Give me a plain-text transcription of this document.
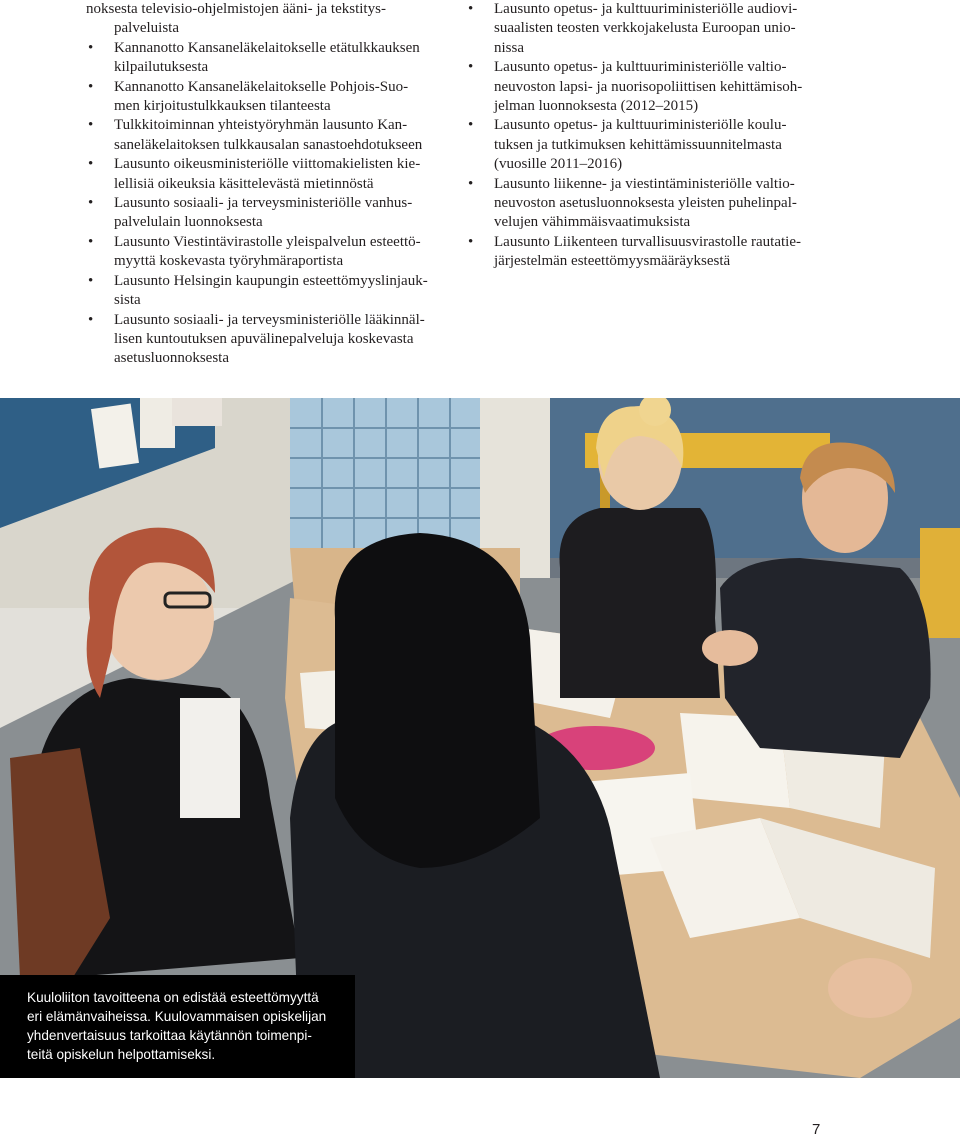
noksesta televisio-ohjelmistojen ääni- ja tekstitys-

palveluista

• Kannanotto Kansaneläkelaitokselle etätulkkauksen

kilpailutuksesta

• Kannanotto Kansaneläkelaitokselle Pohjois-Suo-

men kirjoitustulkkauksen tilanteesta

• Tulkkitoiminnan yhteistyöryhmän lausunto Kan-

saneläkelaitoksen tulkkausalan sanastoehdotukseen

• Lausunto oikeusministeriölle viittomakielisten kie-

lellisiä oikeuksia käsittelevästä mietinnöstä

• Lausunto sosiaali- ja terveysministeriölle vanhus-

palvelulain luonnoksesta

• Lausunto Viestintävirastolle yleispalvelun esteettö-

myyttä koskevasta työryhmäraportista

• Lausunto Helsingin kaupungin esteettömyyslinjauk-

sista

• Lausunto sosiaali- ja terveysministeriölle lääkinnäl-

lisen kuntoutuksen apuvälinepalveluja koskevasta

asetusluonnoksesta

• Lausunto opetus- ja kulttuuriministeriölle audiovi-

suaalisten teosten verkkojakelusta Euroopan unio-

nissa

• Lausunto opetus- ja kulttuuriministeriölle valtio-

neuvoston lapsi- ja nuorisopoliittisen kehittämisoh-

jelman luonnoksesta (2012–2015)

• Lausunto opetus- ja kulttuuriministeriölle koulu-

tuksen ja tutkimuksen kehittämissuunnitelmasta

(vuosille 2011–2016)

• Lausunto liikenne- ja viestintäministeriölle valtio-

neuvoston asetusluonnoksesta yleisten puhelinpal-

velujen vähimmäisvaatimuksista

• Lausunto Liikenteen turvallisuusvirastolle rautatie-

järjestelmän esteettömyysmääräyksestä

Kuuloliiton tavoitteena on edistää esteettömyyttä

eri elämänvaiheissa. Kuulovammaisen opiskelijan

yhdenvertaisuus tarkoittaa käytännön toimenpi-

teitä opiskelun helpottamiseksi.

7
